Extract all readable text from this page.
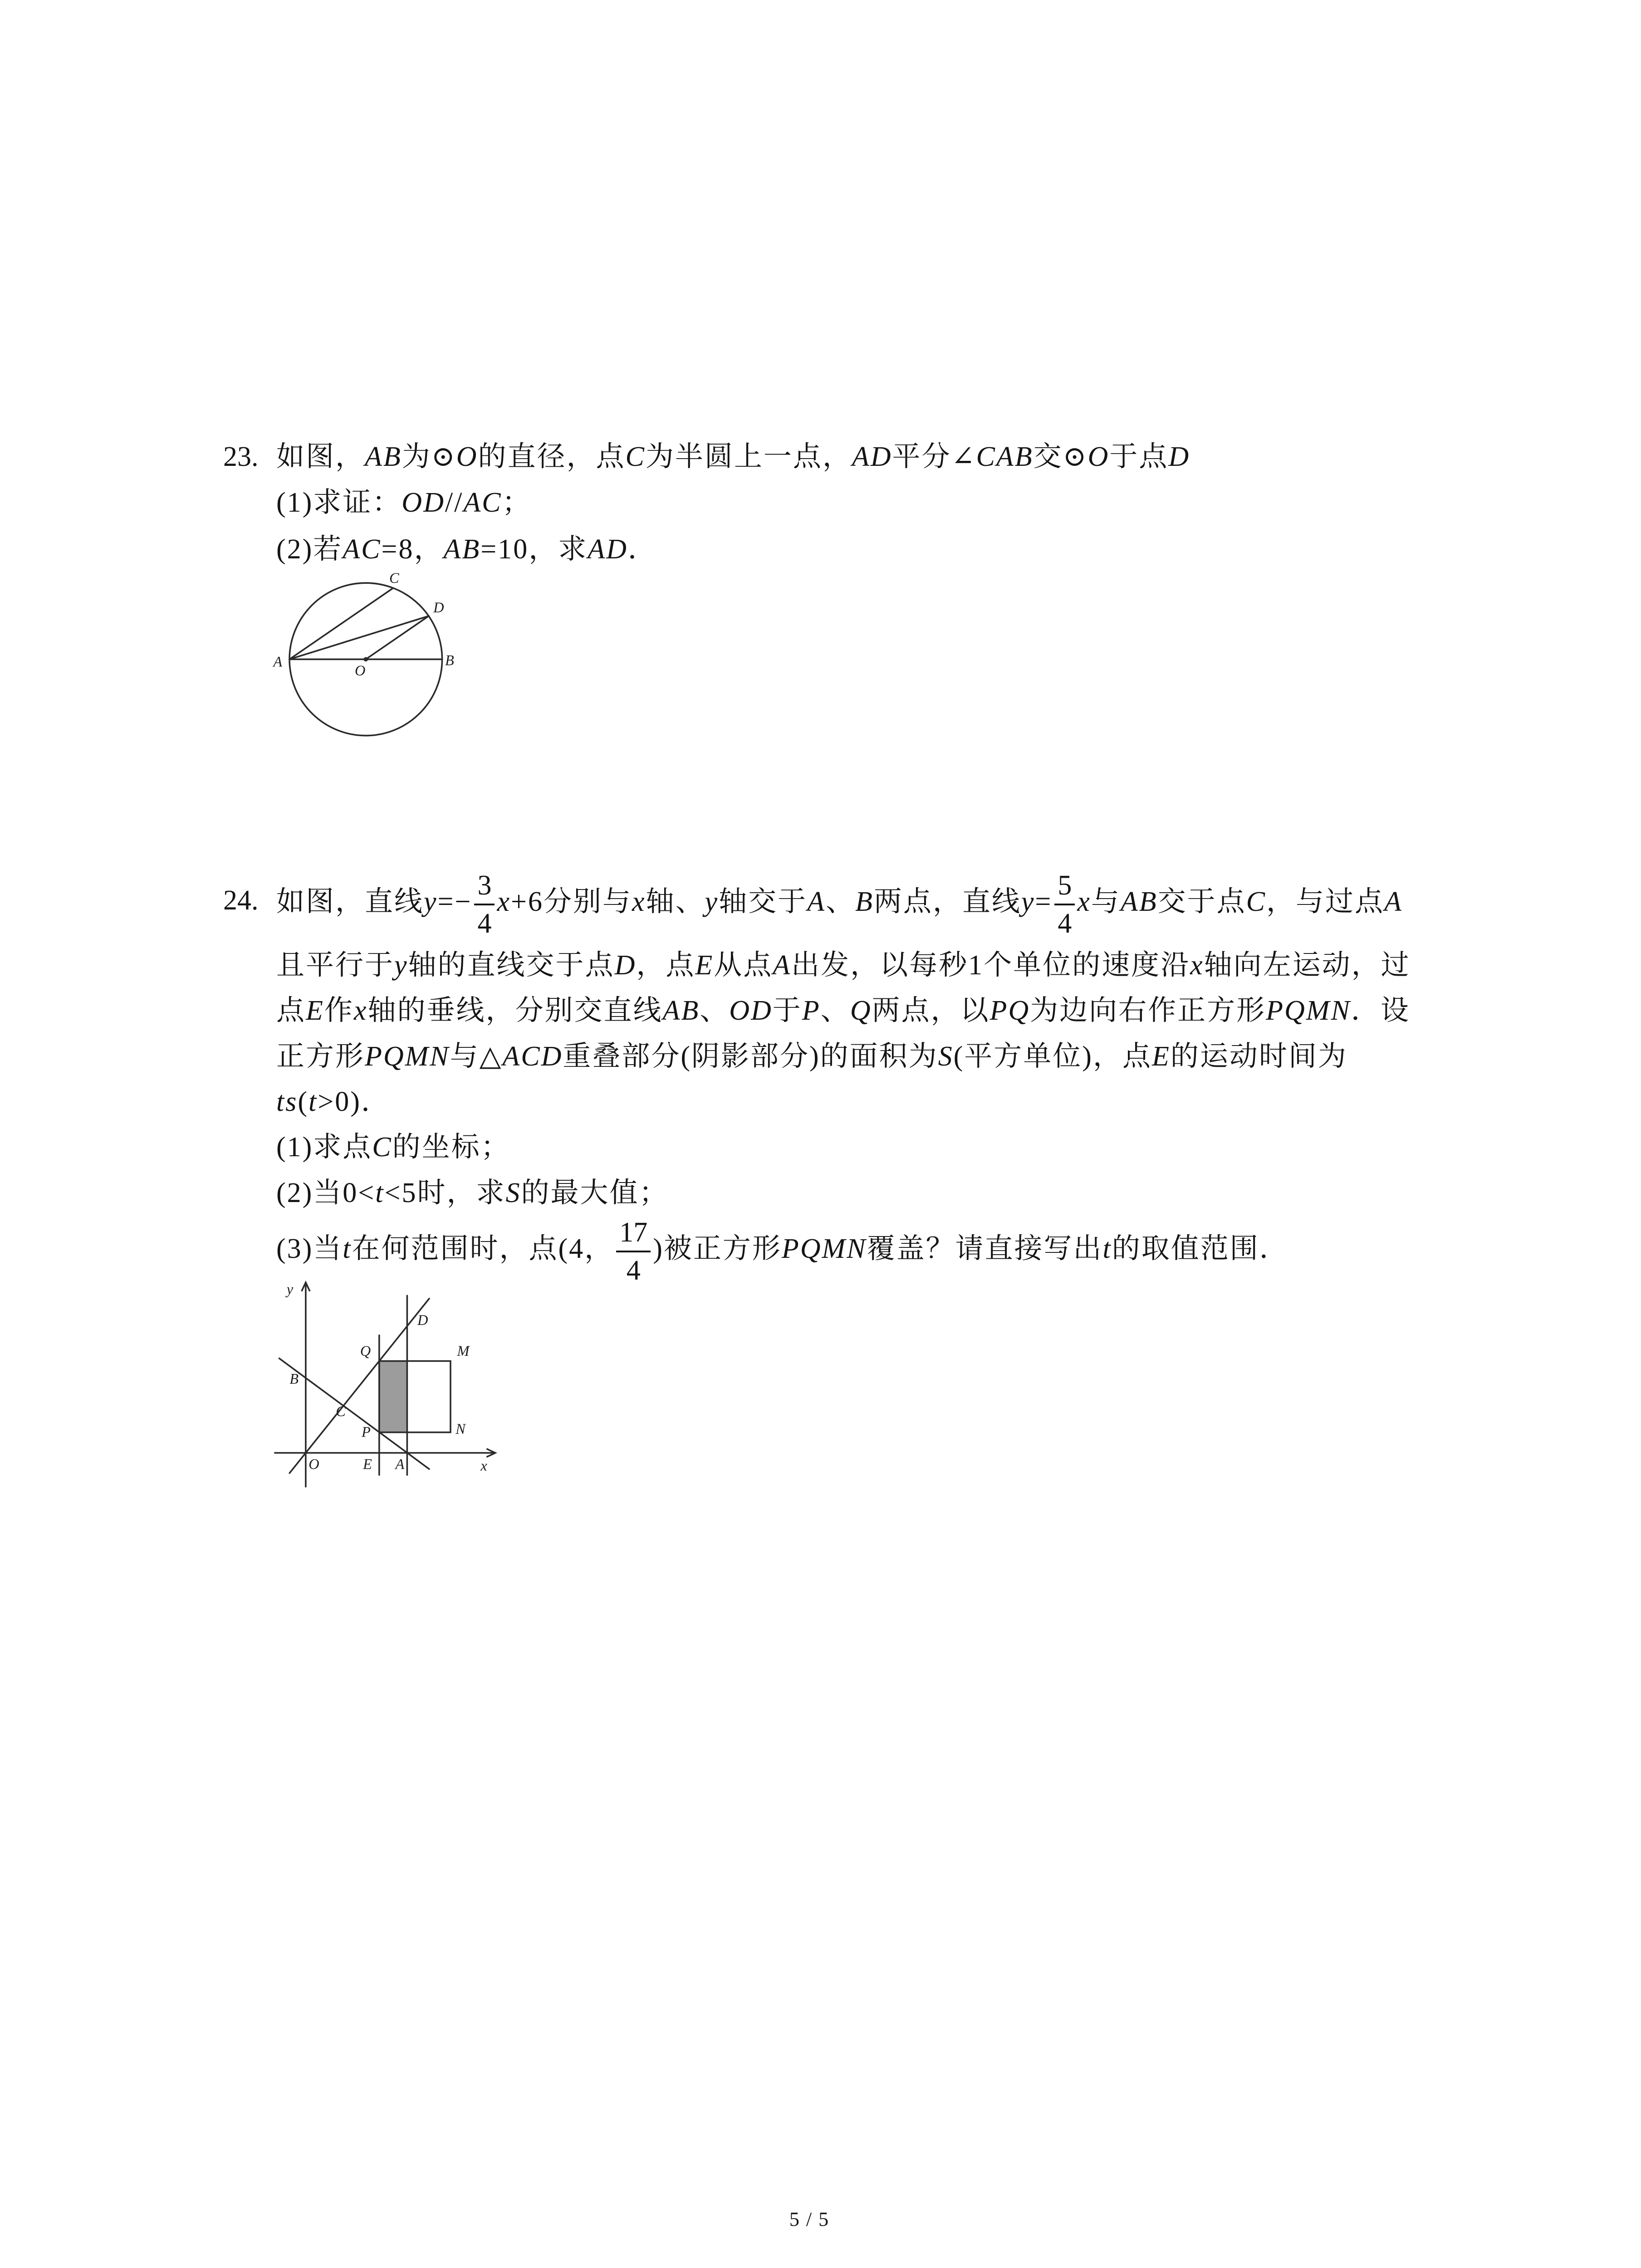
23. 如图，AB为⊙O的直径，点C为半圆上一点，AD平分∠CAB交⊙O于点D
(1)求证：OD//AC；
(2)若AC=8，AB=10，求AD．
C
D
A	B
O
24. 如图，直线$y=- \frac{3}{4} x+6$分别与x轴、y轴交于A、B两点，直线$y= \frac{5}{4}$ x与AB交于点C，与过点A
且平行于y轴的直线交于点D，点E从点A出发，以每秒1个单位的速度沿x轴向左运动，过
点E作x轴的垂线，分别交直线AB、OD于P、Q两点，以PQ为边向右作正方形PQMN．设
正方形PQMN与△ACD重叠部分(阴影部分)的面积为S(平方单位)，点E的运动时间为
ts(t>0)．
(1)求点C的坐标；
(2)当0<t<5时，求S的最大值；
(3)当t在何范围时，点(4， $\frac{17}{4}$ )被正方形PQMN覆盖？请直接写出t的取值范围．
y
x
O
B
C
Q
D
M
P	N
E	A
5 / 5
